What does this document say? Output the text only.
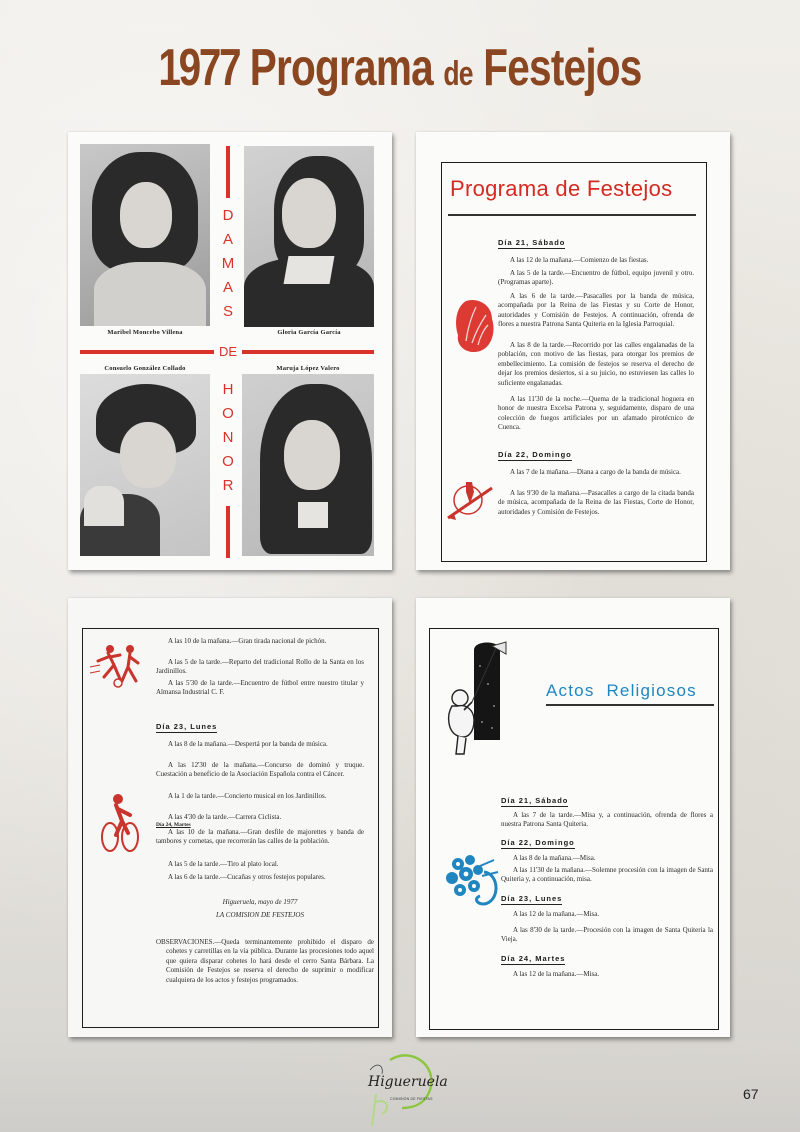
1977 Programa de Festejos
Maribel Moncebo Villena	Gloria García García
Consuelo González Collado	Maruja López Valero
D
A
M
A
S
DE
H
O
N
O
R
Programa de Festejos
Día 21, Sábado
A las 12 de la mañana.—Comienzo de las fiestas.
A las 5 de la tarde.—Encuentro de fútbol, equipo juvenil y otro. (Programas aparte).
A las 6 de la tarde.—Pasacalles por la banda de música, acompañada por la Reina de las Fiestas y su Corte de Honor, autoridades y Comisión de Festejos. A continuación, ofrenda de flores a nuestra Patrona Santa Quiteria en la Iglesia Parroquial.
A las 8 de la tarde.—Recorrido por las calles engalanadas de la población, con motivo de las fiestas, para otorgar los premios de embellecimiento. La comisión de festejos se reserva el derecho de dejar los premios desiertos, si a su juicio, no estuviesen las calles lo suficiente engalanadas.
A las 11'30 de la noche.—Quema de la tradicional hoguera en honor de nuestra Excelsa Patrona y, seguidamente, disparo de una colección de fuegos artificiales por un afamado pirotécnico de Cuenca.
Día 22, Domingo
A las 7 de la mañana.—Diana a cargo de la banda de música.
A las 9'30 de la mañana.—Pasacalles a cargo de la citada banda de música, acompañada de la Reina de las Fiestas, Corte de Honor, autoridades y Comisión de Festejos.
A las 10 de la mañana.—Gran tirada nacional de pichón.
A las 5 de la tarde.—Reparto del tradicional Rollo de la Santa en los Jardinillos.
A las 5'30 de la tarde.—Encuentro de fútbol entre nuestro titular y Almansa Industrial C. F.
Día 23, Lunes
A las 8 de la mañana.—Despertá por la banda de música.
A las 12'30 de la mañana.—Concurso de dominó y truque. Cuestación a beneficio de la Asociación Española contra el Cáncer.
A la 1 de la tarde.—Concierto musical en los Jardinillos.
A las 4'30 de la tarde.—Carrera Ciclista.
Día 24, Martes
A las 10 de la mañana.—Gran desfile de majorettes y banda de tambores y cornetas, que recorrerán las calles de la población.
A las 5 de la tarde.—Tiro al plato local.
A las 6 de la tarde.—Cucañas y otros festejos populares.
Higueruela, mayo de 1977
LA COMISION DE FESTEJOS
OBSERVACIONES.—Queda terminantemente prohibido el disparo de cohetes y carretillas en la vía pública. Durante las procesiones todo aquel que quiera disparar cohetes lo hará desde el cerro Santa Bárbara. La Comisión de Festejos se reserva el derecho de suprimir o modificar cualquiera de los actos y festejos programados.
Actos Religiosos
Día 21, Sábado
A las 7 de la tarde.—Misa y, a continuación, ofrenda de flores a nuestra Patrona Santa Quiteria.
Día 22, Domingo
A las 8 de la mañana.—Misa.
A las 11'30 de la mañana.—Solemne procesión con la imagen de Santa Quiteria y, a continuación, misa.
Día 23, Lunes
A las 12 de la mañana.—Misa.
A las 8'30 de la tarde.—Procesión con la imagen de Santa Quiteria la Vieja.
Día 24, Martes
A las 12 de la mañana.—Misa.
Higueruela
COMISIÓN DE FIESTAS	67
